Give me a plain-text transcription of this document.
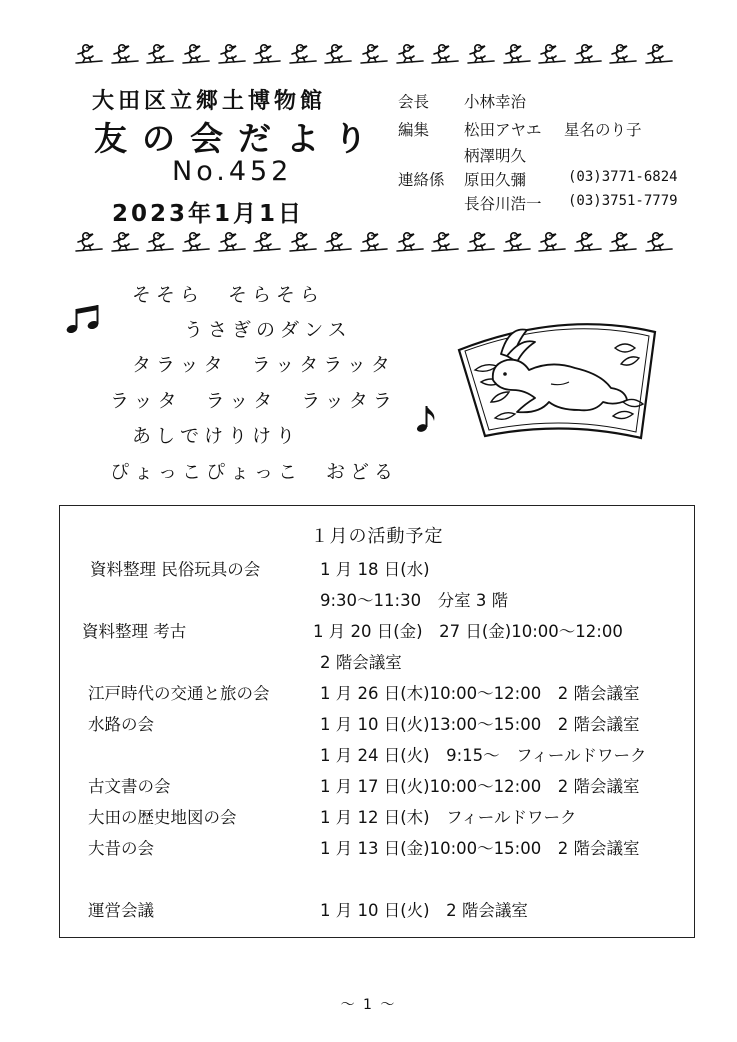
大田区立郷土博物館
友の会だより
No.452
2023年1月1日
会長 小林幸治
編集 松田アヤエ 星名のり子
柄澤明久
連絡係 原田久彌	(03)3771-6824
長谷川浩一 (03)3751-7779
そそら　そらそら
うさぎのダンス
タラッタ　ラッタラッタ
ラッタ　ラッタ　ラッタラ
あしでけりけり
ぴょっこぴょっこ　おどる
１月の活動予定
資料整理 民俗玩具の会	1 月 18 日(水)
9:30～11:30　分室 3 階
資料整理 考古	1 月 20 日(金)　27 日(金)10:00～12:00
2 階会議室
江戸時代の交通と旅の会	1 月 26 日(木)10:00～12:00　2 階会議室
水路の会	1 月 10 日(火)13:00～15:00　2 階会議室
1 月 24 日(火)　9:15～　フィールドワーク
古文書の会	1 月 17 日(火)10:00～12:00　2 階会議室
大田の歴史地図の会	1 月 12 日(木)　フィールドワーク
大昔の会	1 月 13 日(金)10:00～15:00　2 階会議室
運営会議	1 月 10 日(火)　2 階会議室
～ 1 ～
